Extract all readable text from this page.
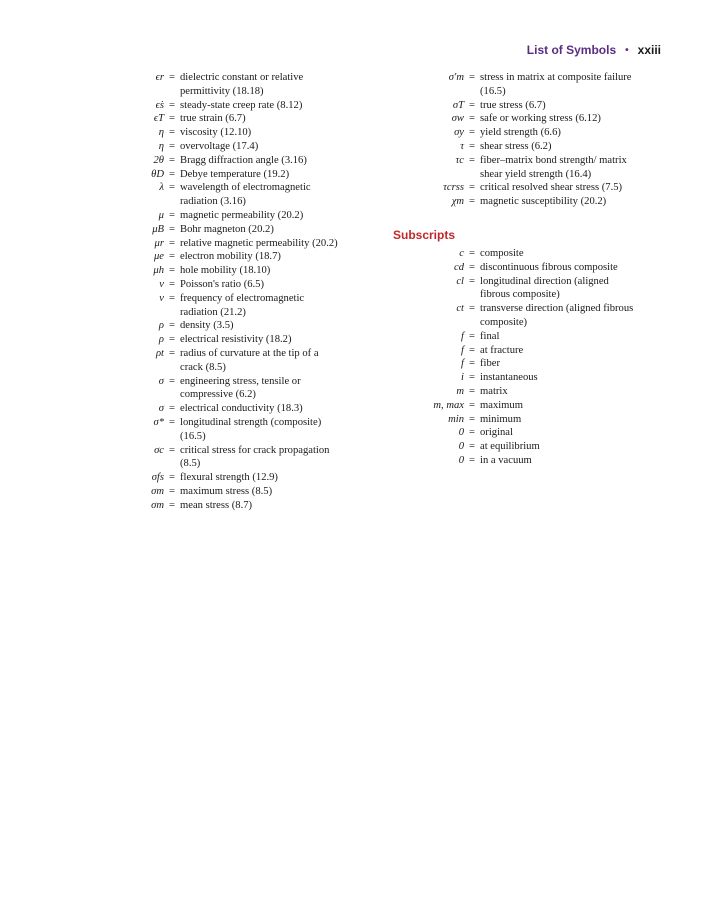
List of Symbols • xxiii
ϵr = dielectric constant or relative permittivity (18.18)
ϵ̇s = steady-state creep rate (8.12)
ϵT = true strain (6.7)
η = viscosity (12.10)
η = overvoltage (17.4)
2θ = Bragg diffraction angle (3.16)
θD = Debye temperature (19.2)
λ = wavelength of electromagnetic radiation (3.16)
μ = magnetic permeability (20.2)
μB = Bohr magneton (20.2)
μr = relative magnetic permeability (20.2)
μe = electron mobility (18.7)
μh = hole mobility (18.10)
ν = Poisson's ratio (6.5)
ν = frequency of electromagnetic radiation (21.2)
ρ = density (3.5)
ρ = electrical resistivity (18.2)
ρt = radius of curvature at the tip of a crack (8.5)
σ = engineering stress, tensile or compressive (6.2)
σ = electrical conductivity (18.3)
σ* = longitudinal strength (composite) (16.5)
σc = critical stress for crack propagation (8.5)
σfs = flexural strength (12.9)
σm = maximum stress (8.5)
σm = mean stress (8.7)
σ′m = stress in matrix at composite failure (16.5)
σT = true stress (6.7)
σw = safe or working stress (6.12)
σy = yield strength (6.6)
τ = shear stress (6.2)
τc = fiber–matrix bond strength/ matrix shear yield strength (16.4)
τcrss = critical resolved shear stress (7.5)
χm = magnetic susceptibility (20.2)
Subscripts
c = composite
cd = discontinuous fibrous composite
cl = longitudinal direction (aligned fibrous composite)
ct = transverse direction (aligned fibrous composite)
f = final
f = at fracture
f = fiber
i = instantaneous
m = matrix
m, max = maximum
min = minimum
0 = original
0 = at equilibrium
0 = in a vacuum
